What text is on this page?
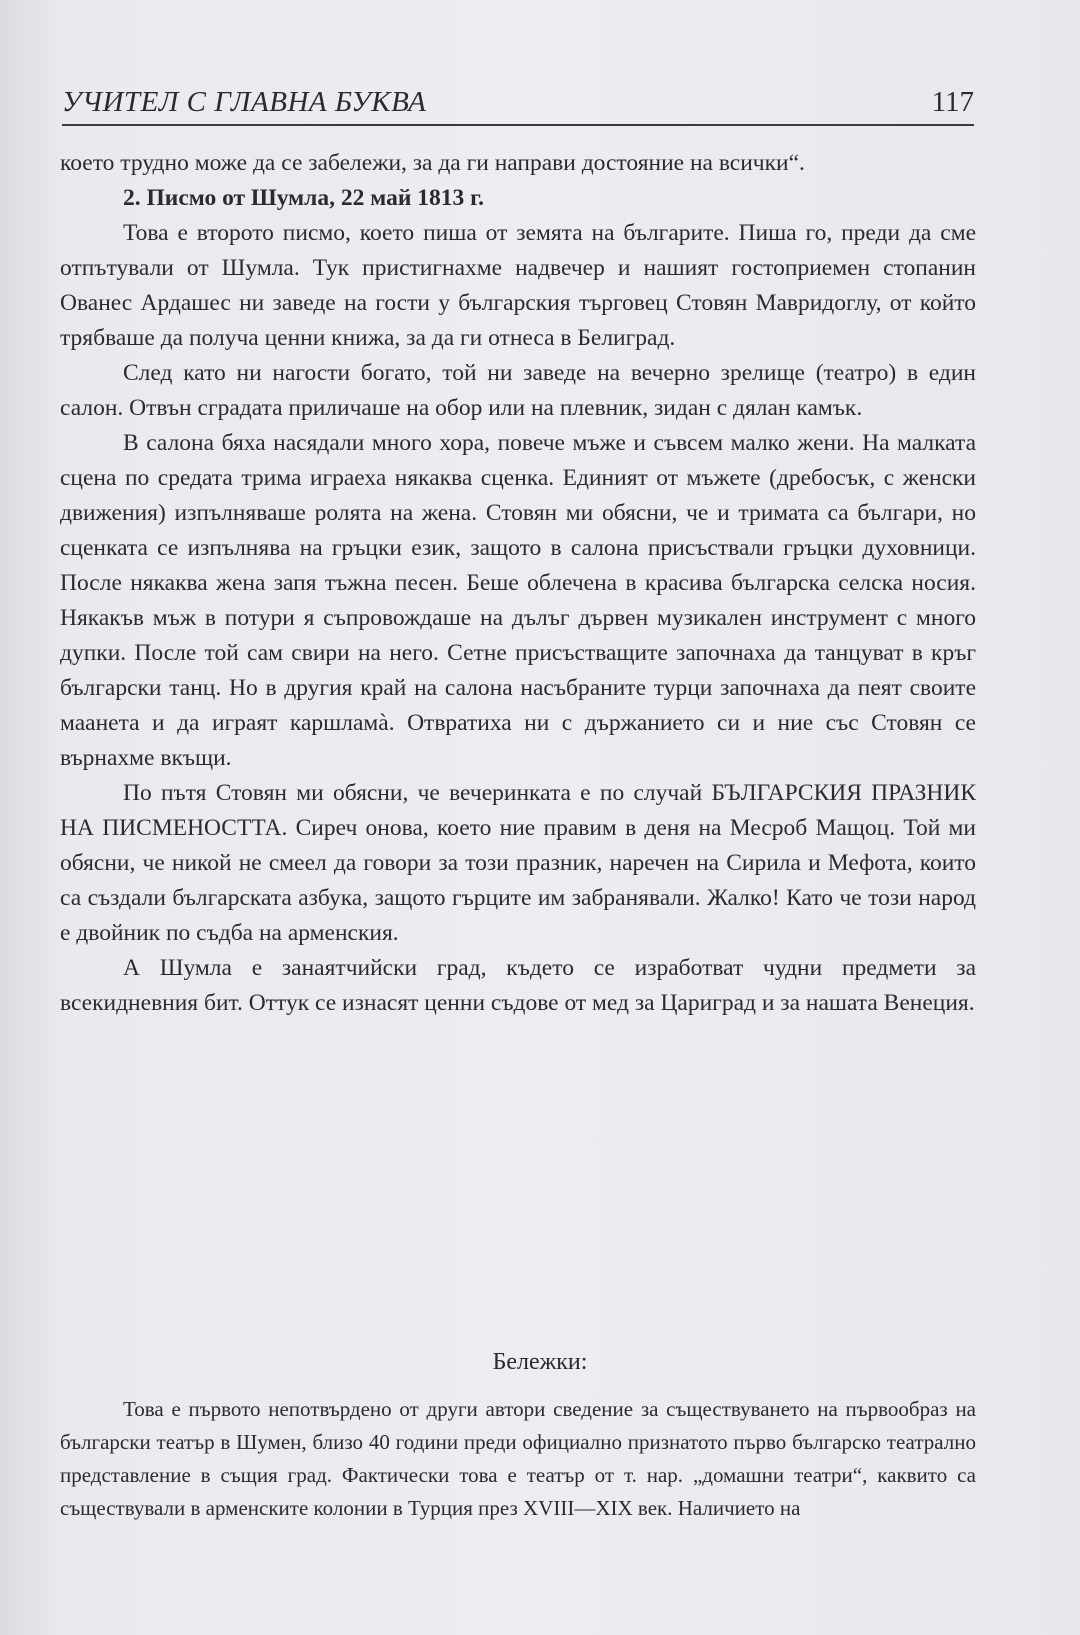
УЧИТЕЛ С ГЛАВНА БУКВА	117

което трудно може да се забележи, за да ги направи достояние на всички“.

2. Писмо от Шумла, 22 май 1813 г.

Това е второто писмо, което пиша от земята на българите. Пиша го, преди да сме отпътували от Шумла. Тук пристигнахме надвечер и нашият гостоприемен стопанин Ованес Ардашес ни заведе на гости у българския търговец Стовян Мавридоглу, от който трябваше да получа ценни книжа, за да ги отнеса в Белиград.

След като ни нагости богато, той ни заведе на вечерно зрелище (театро) в един салон. Отвън сградата приличаше на обор или на плевник, зидан с дялан камък.

В салона бяха насядали много хора, повече мъже и съвсем малко жени. На малката сцена по средата трима играеха някаква сценка. Единият от мъжете (дребосък, с женски движения) изпълняваше ролята на жена. Стовян ми обясни, че и тримата са българи, но сценката се изпълнява на гръцки език, защото в салона присъствали гръцки духовници. После някаква жена запя тъжна песен. Беше облечена в красива българска селска носия. Някакъв мъж в потури я съпровождаше на дълъг дървен музикален инструмент с много дупки. После той сам свири на него. Сетне присъстващите започнаха да танцуват в кръг български танц. Но в другия край на салона насъбраните турци започнаха да пеят своите маанета и да играят каршламà. Отвратиха ни с държанието си и ние със Стовян се върнахме вкъщи.

По пътя Стовян ми обясни, че вечеринката е по случай БЪЛГАРСКИЯ ПРАЗНИК НА ПИСМЕНОСТТА. Сиреч онова, което ние правим в деня на Месроб Мащоц. Той ми обясни, че никой не смеел да говори за този празник, наречен на Сирила и Мефота, които са създали българската азбука, защото гърците им забранявали. Жалко! Като че този народ е двойник по съдба на арменския.

А Шумла е занаятчийски град, където се изработват чудни предмети за всекидневния бит. Оттук се изнасят ценни съдове от мед за Цариград и за нашата Венеция.

Бележки:

Това е първото непотвърдено от други автори сведение за съществуването на първообраз на български театър в Шумен, близо 40 години преди официално признатото първо българско театрално представление в същия град. Фактически това е театър от т. нар. „домашни театри“, каквито са съществували в арменските колонии в Турция през XVIII—XIX век. Наличието на
